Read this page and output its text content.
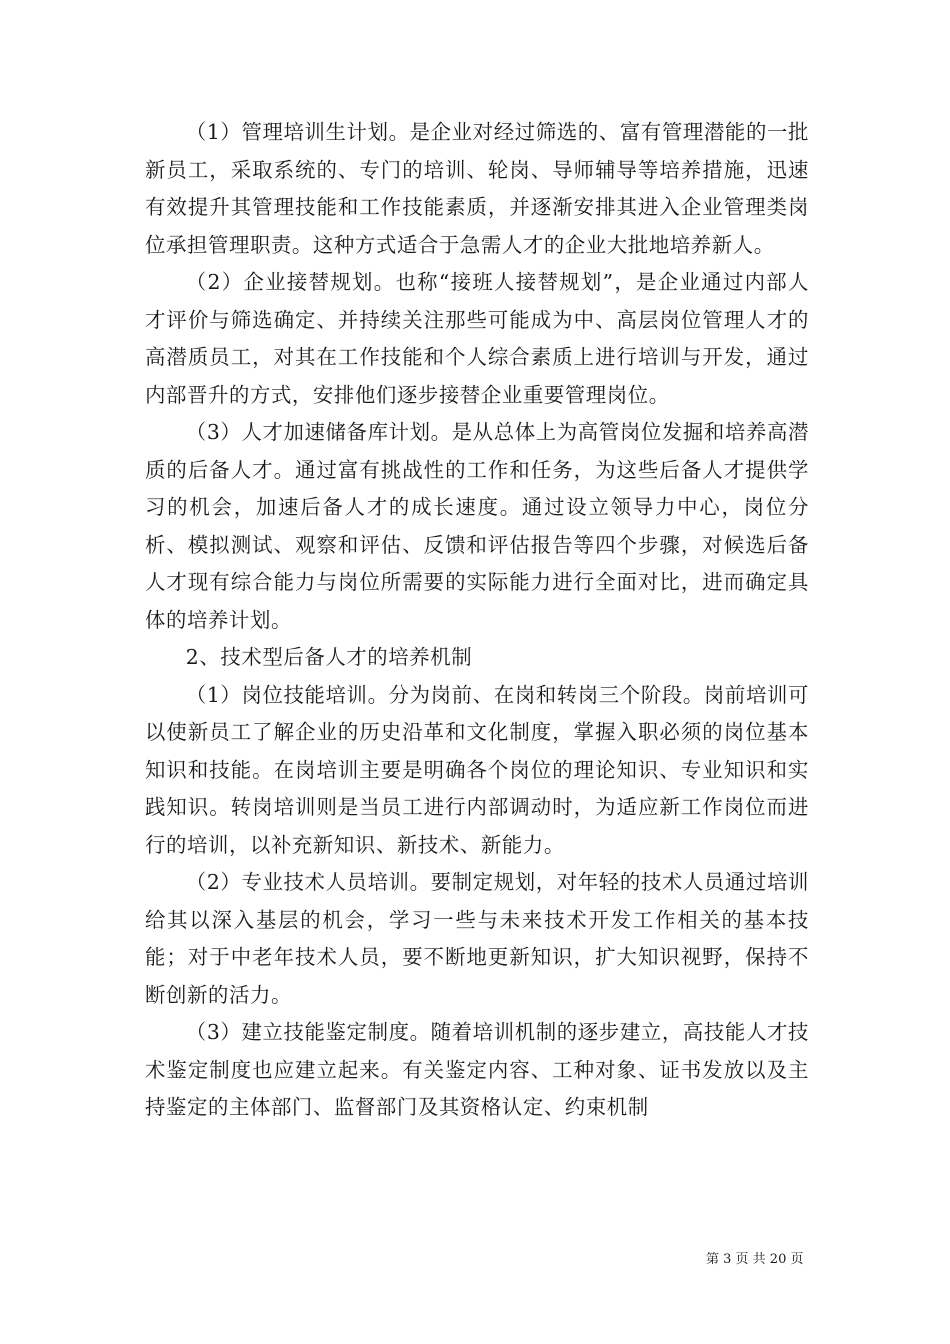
（1）管理培训生计划。是企业对经过筛选的、富有管理潜能的一批新员工，采取系统的、专门的培训、轮岗、导师辅导等培养措施，迅速有效提升其管理技能和工作技能素质，并逐渐安排其进入企业管理类岗位承担管理职责。这种方式适合于急需人才的企业大批地培养新人。

（2）企业接替规划。也称“接班人接替规划”，是企业通过内部人才评价与筛选确定、并持续关注那些可能成为中、高层岗位管理人才的高潜质员工，对其在工作技能和个人综合素质上进行培训与开发，通过内部晋升的方式，安排他们逐步接替企业重要管理岗位。

（3）人才加速储备库计划。是从总体上为高管岗位发掘和培养高潜质的后备人才。通过富有挑战性的工作和任务，为这些后备人才提供学习的机会，加速后备人才的成长速度。通过设立领导力中心，岗位分析、模拟测试、观察和评估、反馈和评估报告等四个步骤，对候选后备人才现有综合能力与岗位所需要的实际能力进行全面对比，进而确定具体的培养计划。

2、技术型后备人才的培养机制

（1）岗位技能培训。分为岗前、在岗和转岗三个阶段。岗前培训可以使新员工了解企业的历史沿革和文化制度，掌握入职必须的岗位基本知识和技能。在岗培训主要是明确各个岗位的理论知识、专业知识和实践知识。转岗培训则是当员工进行内部调动时，为适应新工作岗位而进行的培训，以补充新知识、新技术、新能力。

（2）专业技术人员培训。要制定规划，对年轻的技术人员通过培训给其以深入基层的机会，学习一些与未来技术开发工作相关的基本技能；对于中老年技术人员，要不断地更新知识，扩大知识视野，保持不断创新的活力。

（3）建立技能鉴定制度。随着培训机制的逐步建立，高技能人才技术鉴定制度也应建立起来。有关鉴定内容、工种对象、证书发放以及主持鉴定的主体部门、监督部门及其资格认定、约束机制

第 3 页 共 20 页
